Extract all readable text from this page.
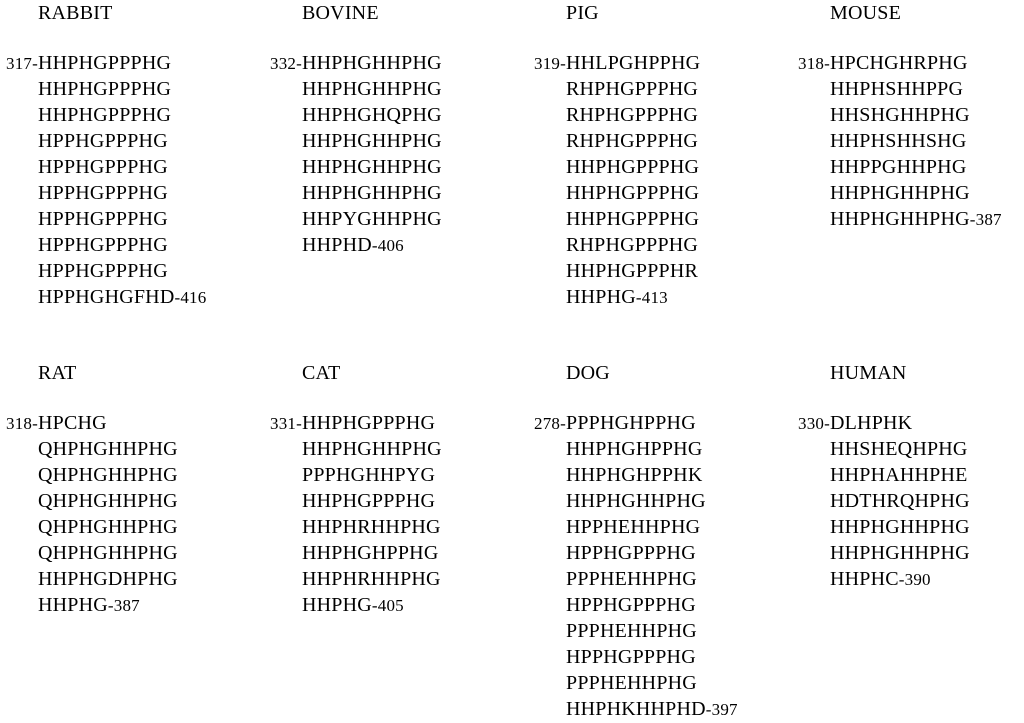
RABBIT
317-HHPHGPPPHG
HHPHGPPPHG
HHPHGPPPHG
HPPHGPPPHG
HPPHGPPPHG
HPPHGPPPHG
HPPHGPPPHG
HPPHGPPPHG
HPPHGPPPHG
HPPHGHGFHD-416
BOVINE
332-HHPHGHHPHG
HHPHGHHPHG
HHPHGHQPHG
HHPHGHHPHG
HHPHGHHPHG
HHPHGHHPHG
HHPYGHHPHG
HHPHD-406
PIG
319-HHLPGHPPHG
RHPHGPPPHG
RHPHGPPPHG
RHPHGPPPHG
HHPHGPPPHG
HHPHGPPPHG
HHPHGPPPHG
RHPHGPPPHG
HHPHGPPPHR
HHPHG-413
MOUSE
318-HPCHGHRPHG
HHPHSHHPPG
HHSHGHHPHG
HHPHSHHSHG
HHPPGHHPHG
HHPHGHHPHG
HHPHGHHPHG-387
RAT
318-HPCHG
QHPHGHHPHG
QHPHGHHPHG
QHPHGHHPHG
QHPHGHHPHG
QHPHGHHPHG
HHPHGDHPHG
HHPHG-387
CAT
331-HHPHGPPPHG
HHPHGHHPHG
PPPHGHHPYG
HHPHGPPPHG
HHPHRHHPHG
HHPHGHPPHG
HHPHRHHPHG
HHPHG-405
DOG
278-PPPHGHPPHG
HHPHGHPPHG
HHPHGHPPHK
HHPHGHHPHG
HPPHEHHPHG
HPPHGPPPHG
PPPHEHHPHG
HPPHGPPPHG
PPPHEHHPHG
HPPHGPPPHG
PPPHEHHPHG
HHPHKHHPHD-397
HUMAN
330-DLHPHK
HHSHEQHPHG
HHPHAHHPHE
HDTHRQHPHG
HHPHGHHPHG
HHPHGHHPHG
HHPHC-390
